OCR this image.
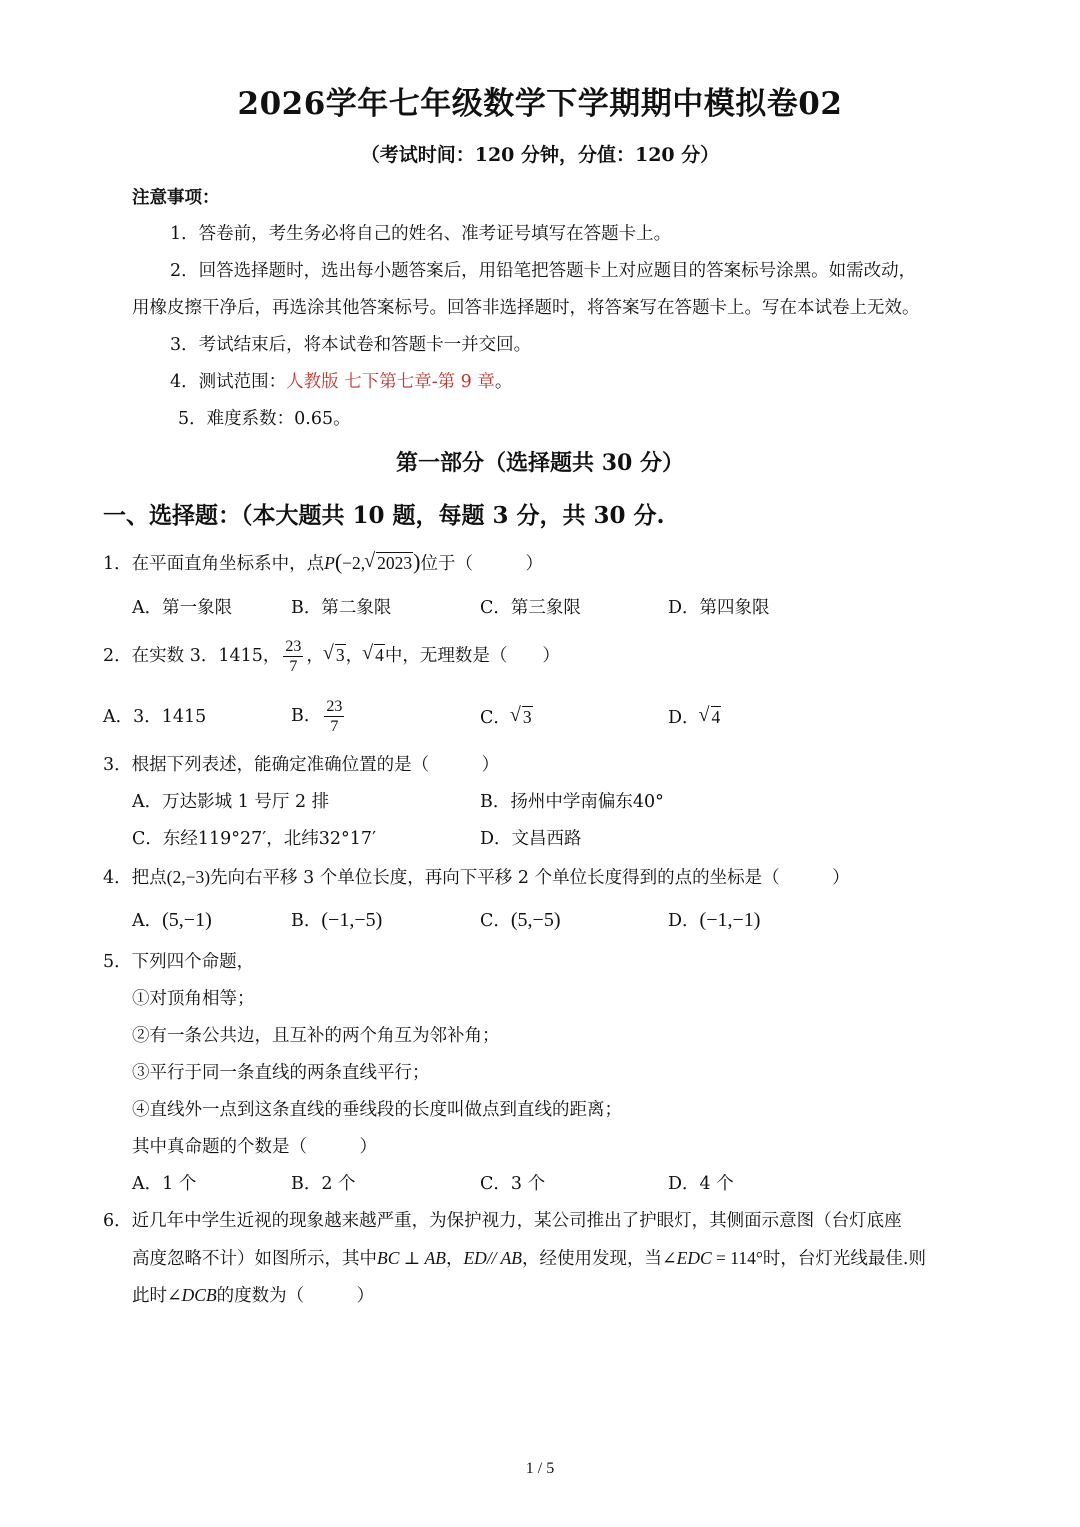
2026学年七年级数学下学期期中模拟卷02
（考试时间：120 分钟，分值：120 分）
注意事项：
1．答卷前，考生务必将自己的姓名、准考证号填写在答题卡上。
2．回答选择题时，选出每小题答案后，用铅笔把答题卡上对应题目的答案标号涂黑。如需改动，
用橡皮擦干净后，再选涂其他答案标号。回答非选择题时，将答案写在答题卡上。写在本试卷上无效。
3．考试结束后，将本试卷和答题卡一并交回。
4．测试范围：人教版 七下第七章-第 9 章。
5．难度系数：0.65。
第一部分（选择题共 30 分）
一、选择题：（本大题共 10 题，每题 3 分，共 30 分.
1．在平面直角坐标系中，点P(−2, √ 2023)位于（　　　）
A．第一象限	B．第二象限	C．第三象限	D．第四象限
2．在实数 3．1415， $\frac{23}{7}$ ， √ 3， √ 4中，无理数是（　　）
A．3．1415	B． $\frac{23}{7}$	C． √ 3	D． √ 4
3．根据下列表述，能确定准确位置的是（　　　）
A．万达影城 1 号厅 2 排	B．扬州中学南偏东40°
C．东经119°27′，北纬32°17′	D．文昌西路
4．把点(2,−3)先向右平移 3 个单位长度，再向下平移 2 个单位长度得到的点的坐标是（　　　）
A．(5,−1)	B．(−1,−5)	C．(5,−5)	D．(−1,−1)
5．下列四个命题，
①对顶角相等；
②有一条公共边，且互补的两个角互为邻补角；
③平行于同一条直线的两条直线平行；
④直线外一点到这条直线的垂线段的长度叫做点到直线的距离；
其中真命题的个数是（　　　）
A．1 个	B．2 个	C．3 个	D．4 个
6．近几年中学生近视的现象越来越严重，为保护视力，某公司推出了护眼灯，其侧面示意图（台灯底座
高度忽略不计）如图所示，其中BC ⊥ AB，ED// AB，经使用发现，当∠EDC = 114°时，台灯光线最佳.则
此时∠DCB的度数为（　　　）
1 / 5
